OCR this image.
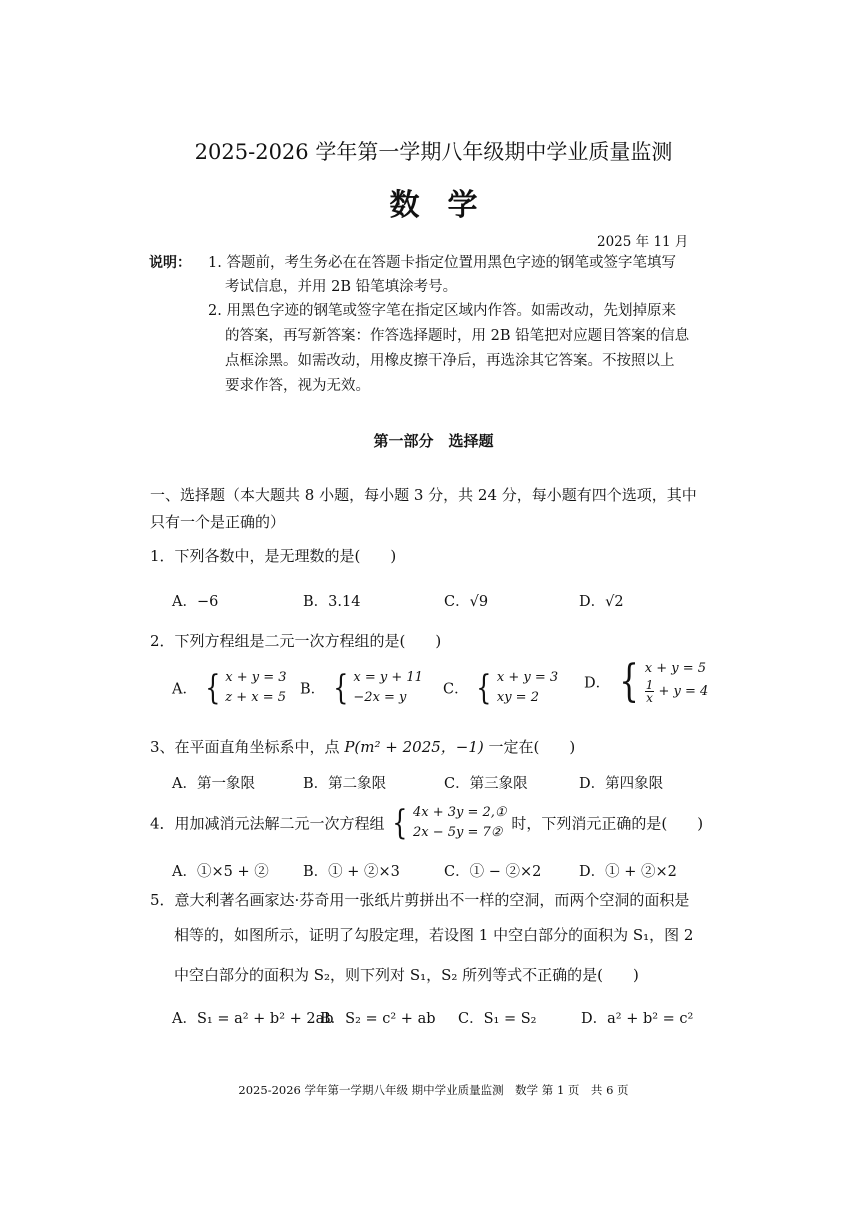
2025-2026 学年第一学期八年级期中学业质量监测
数学
2025 年 11 月
说明： 1. 答题前，考生务必在在答题卡指定位置用黑色字迹的钢笔或签字笔填写
考试信息，并用 2B 铅笔填涂考号。
2. 用黑色字迹的钢笔或签字笔在指定区域内作答。如需改动，先划掉原来
的答案，再写新答案：作答选择题时，用 2B 铅笔把对应题目答案的信息
点框涂黑。如需改动，用橡皮擦干净后，再选涂其它答案。不按照以上
要求作答，视为无效。
第一部分　选择题
一、选择题（本大题共 8 小题，每小题 3 分，共 24 分，每小题有四个选项，其中
只有一个是正确的）
1．下列各数中，是无理数的是(　　)
A．−6	B．3.14	C．√9	D．√2
2．下列方程组是二元一次方程组的是(　　)
A． { x + y = 3
z + x = 5 B． { x = y + 11
−2x = y	C． { x + y = 3
xy = 2
D． { x + y = 5
$\frac{1}{x} + y = 4$
3、在平面直角坐标系中，点 P(m² + 2025，−1) 一定在(　　)
A．第一象限	B．第二象限	C．第三象限	D．第四象限
4．用加减消元法解二元一次方程组 { 4x + 3y = 2,①
2x − 5y = 7② 时，下列消元正确的是(　　)
A．①×5 + ② B．① + ②×3	C．① − ②×2	D．① + ②×2
5．意大利著名画家达·芬奇用一张纸片剪拼出不一样的空洞，而两个空洞的面积是
相等的，如图所示，证明了勾股定理，若设图 1 中空白部分的面积为 S₁，图 2
中空白部分的面积为 S₂，则下列对 S₁，S₂ 所列等式不正确的是(　　)
A．S₁ = a² + b² + 2ab
B．S₂ = c² + ab C．S₁ = S₂	D．a² + b² = c²
2025-2026 学年第一学期八年级 期中学业质量监测　数学 第 1 页　共 6 页
